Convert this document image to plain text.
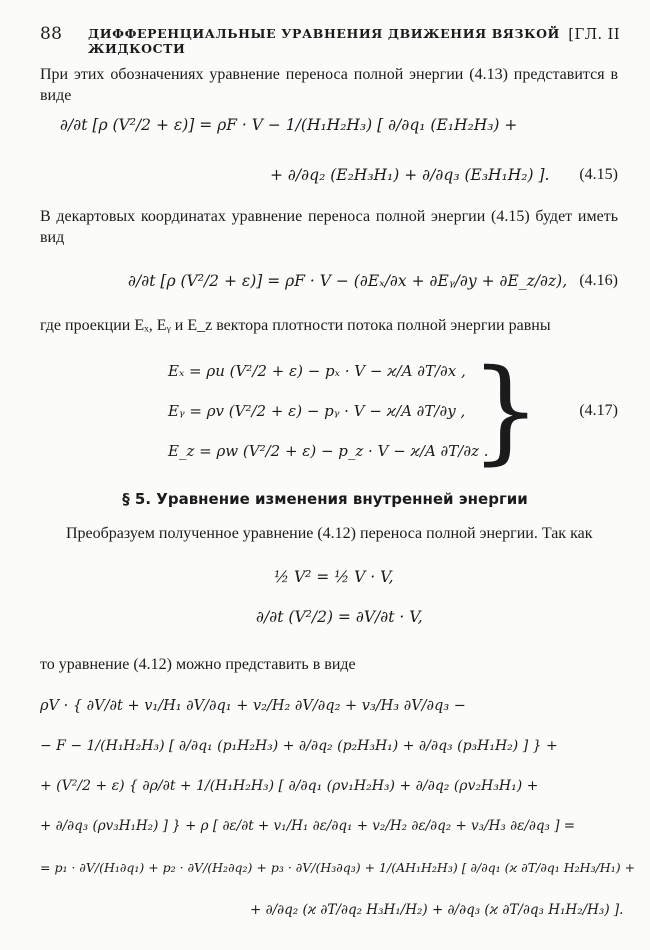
88 ДИФФЕРЕНЦИАЛЬНЫЕ УРАВНЕНИЯ ДВИЖЕНИЯ ВЯЗКОЙ ЖИДКОСТИ
[ГЛ. II
При этих обозначениях уравнение переноса полной энергии (4.13) представится в виде
∂/∂t [ρ (V²/2 + ε)] = ρF · V − 1/(H₁H₂H₃) [ ∂/∂q₁ (E₁H₂H₃) +
+ ∂/∂q₂ (E₂H₃H₁) + ∂/∂q₃ (E₃H₁H₂) ]. (4.15)
В декартовых координатах уравнение переноса полной энергии (4.15) будет иметь вид
∂/∂t [ρ (V²/2 + ε)] = ρF · V − (∂Eₓ/∂x + ∂Eᵧ/∂y + ∂E_z/∂z), (4.16)
где проекции Eₓ, Eᵧ и E_z вектора плотности потока полной энергии равны
Eₓ = ρu (V²/2 + ε) − pₓ · V − ϰ/A ∂T/∂x ,
Eᵧ = ρv (V²/2 + ε) − pᵧ · V − ϰ/A ∂T/∂y ,
E_z = ρw (V²/2 + ε) − p_z · V − ϰ/A ∂T/∂z .
} (4.17)
§ 5. Уравнение изменения внутренней энергии
Преобразуем полученное уравнение (4.12) переноса полной энергии. Так как
½ V² = ½ V · V,
∂/∂t (V²/2) = ∂V/∂t · V,
то уравнение (4.12) можно представить в виде
ρV · { ∂V/∂t + v₁/H₁ ∂V/∂q₁ + v₂/H₂ ∂V/∂q₂ + v₃/H₃ ∂V/∂q₃ −
− F − 1/(H₁H₂H₃) [ ∂/∂q₁ (p₁H₂H₃) + ∂/∂q₂ (p₂H₃H₁) + ∂/∂q₃ (p₃H₁H₂) ] } +
+ (V²/2 + ε) { ∂ρ/∂t + 1/(H₁H₂H₃) [ ∂/∂q₁ (ρv₁H₂H₃) + ∂/∂q₂ (ρv₂H₃H₁) +
+ ∂/∂q₃ (ρv₃H₁H₂) ] } + ρ [ ∂ε/∂t + v₁/H₁ ∂ε/∂q₁ + v₂/H₂ ∂ε/∂q₂ + v₃/H₃ ∂ε/∂q₃ ] =
= p₁ · ∂V/(H₁∂q₁) + p₂ · ∂V/(H₂∂q₂) + p₃ · ∂V/(H₃∂q₃) + 1/(AH₁H₂H₃) [ ∂/∂q₁ (ϰ ∂T/∂q₁ H₂H₃/H₁) +
+ ∂/∂q₂ (ϰ ∂T/∂q₂ H₃H₁/H₂) + ∂/∂q₃ (ϰ ∂T/∂q₃ H₁H₂/H₃) ].
